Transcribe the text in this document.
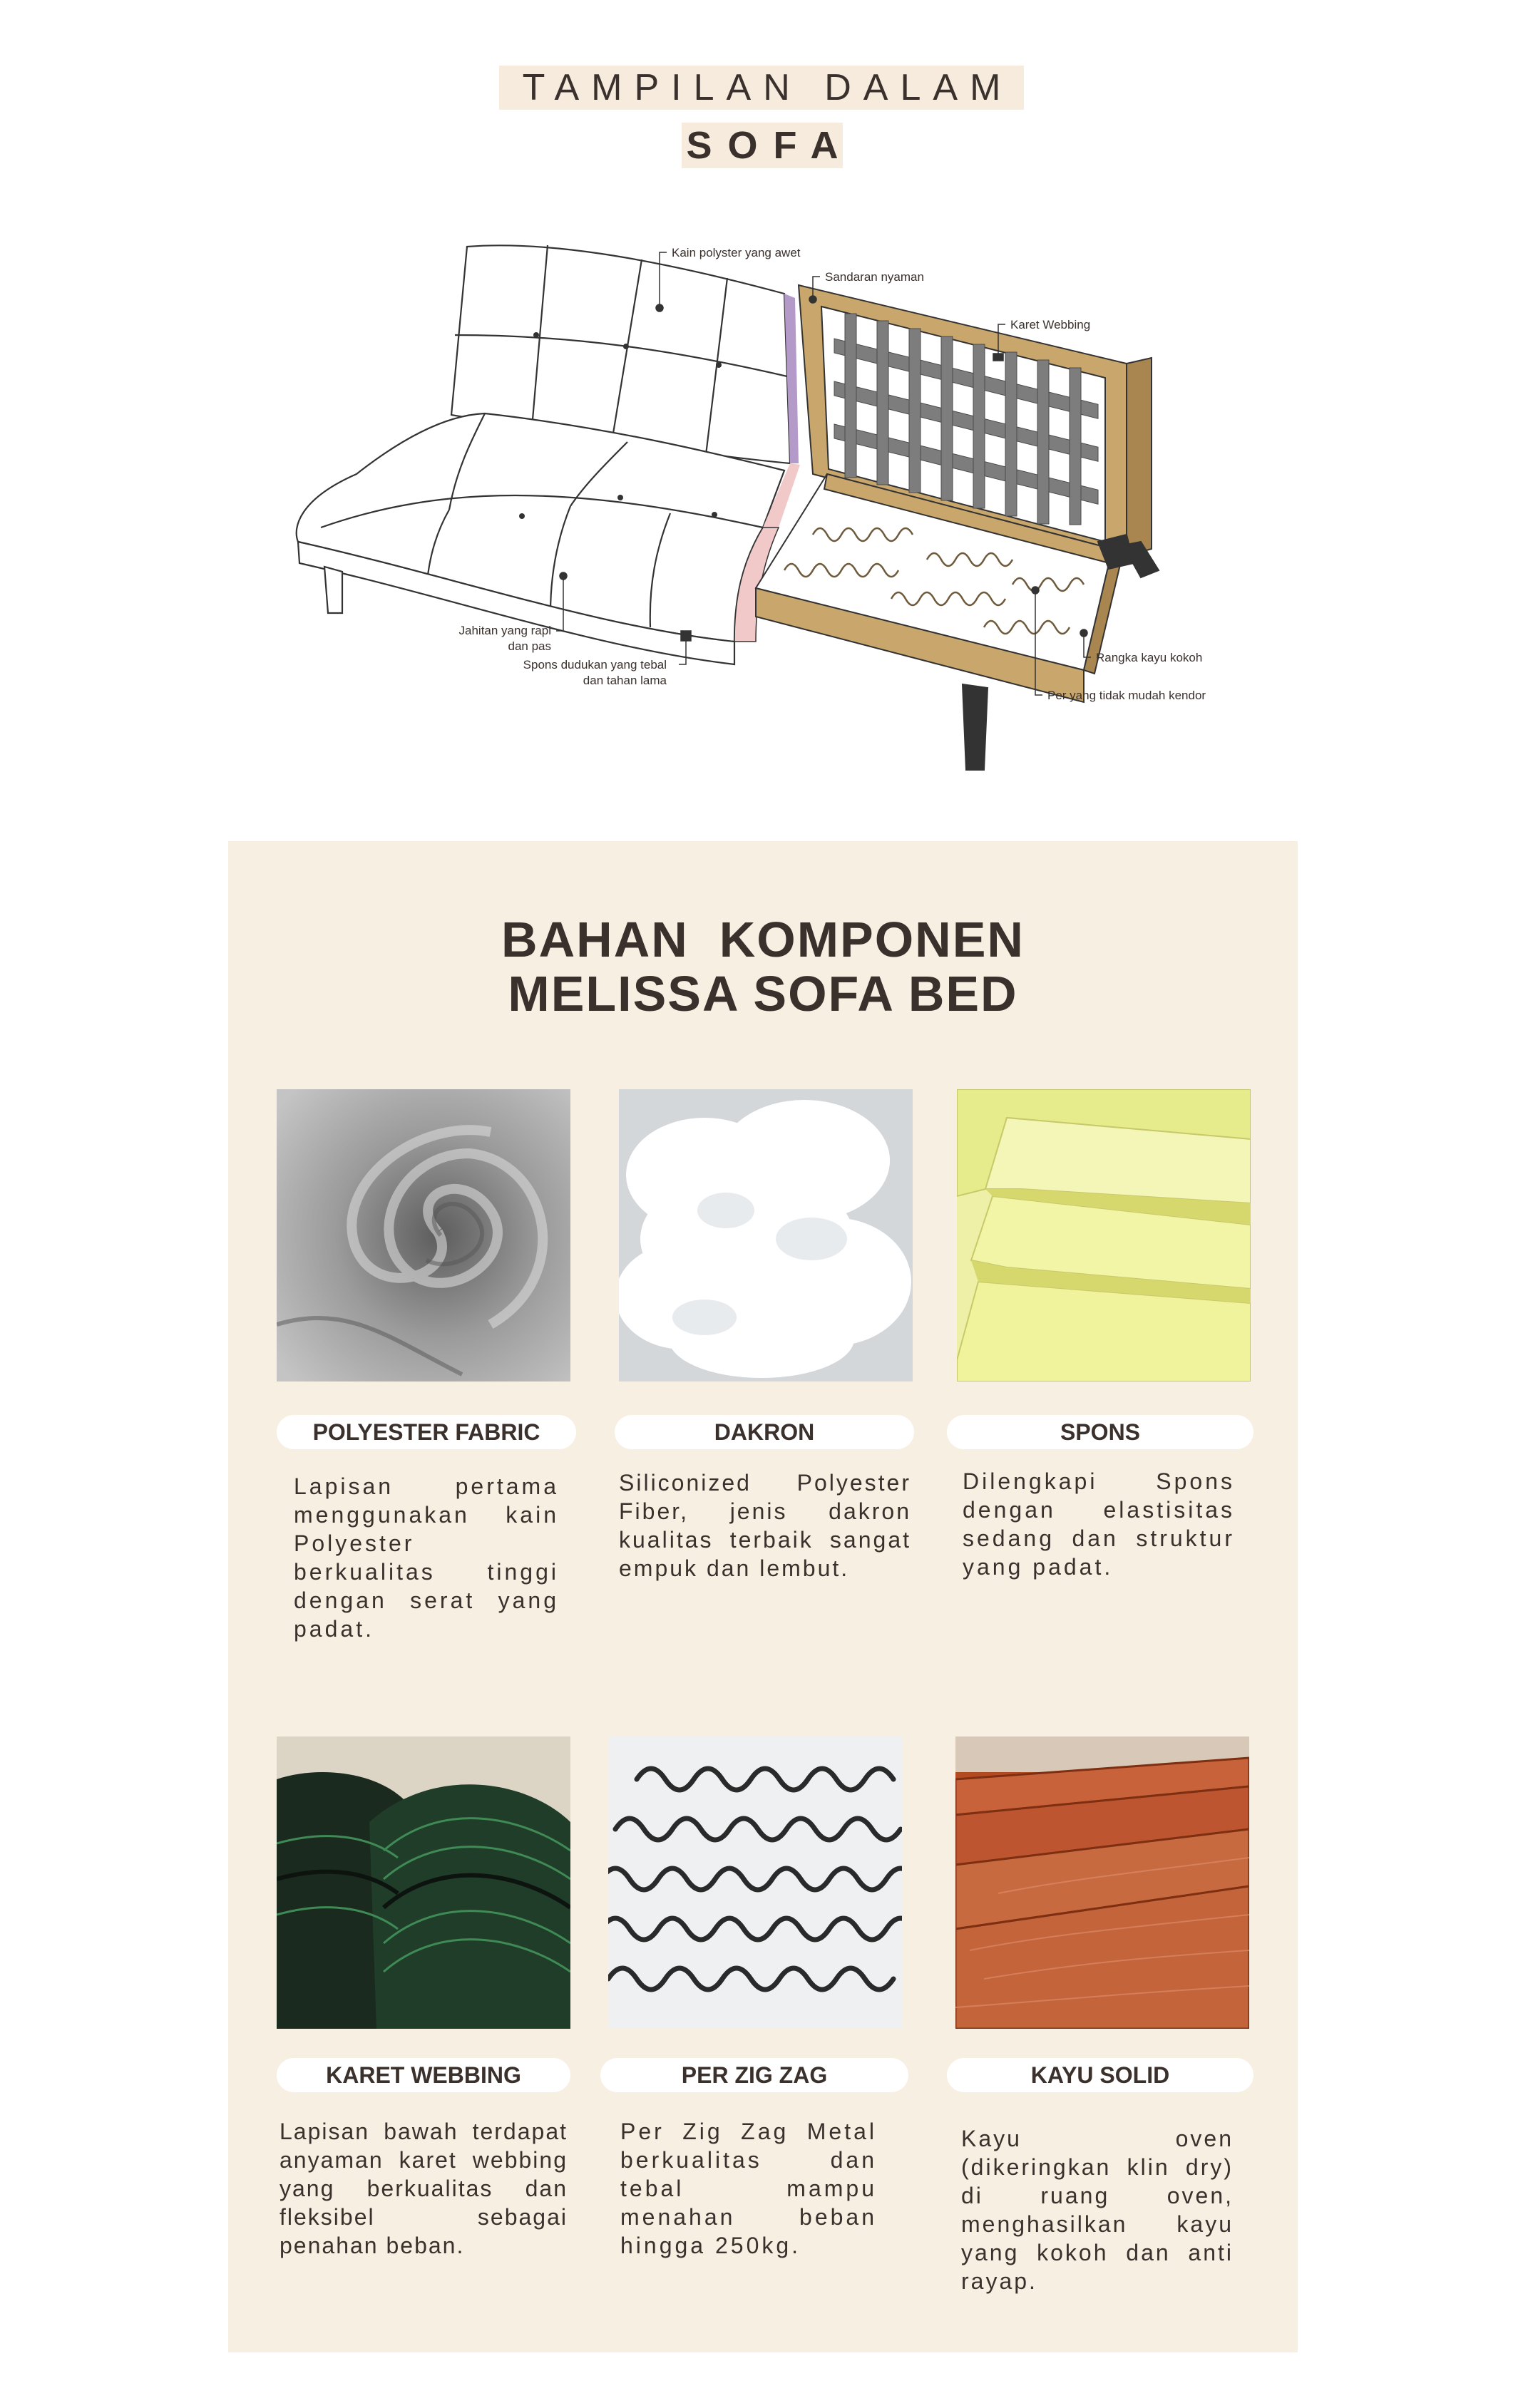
TAMPILAN DALAM
SOFA
Kain polyster yang awet
Sandaran nyaman
Karet Webbing
Jahitan yang rapi
dan pas
Spons dudukan yang tebal
dan tahan lama
Rangka kayu kokoh
Per yang tidak mudah kendor
BAHAN  KOMPONEN
MELISSA SOFA BED
POLYESTER FABRIC
Lapisan pertama menggunakan kain Polyester berkualitas tinggi dengan serat yang padat.
DAKRON
Siliconized Polyester Fiber, jenis dakron kualitas terbaik sangat empuk dan lembut.
SPONS
Dilengkapi Spons dengan elastisitas sedang dan struktur yang padat.
KARET WEBBING
Lapisan bawah terdapat anyaman karet webbing yang berkualitas dan fleksibel sebagai penahan beban.
PER ZIG ZAG
Per Zig Zag Metal berkualitas dan tebal mampu menahan beban hingga 250kg.
KAYU SOLID
Kayu oven (dikeringkan klin dry) di ruang oven, menghasilkan kayu yang kokoh dan anti rayap.
